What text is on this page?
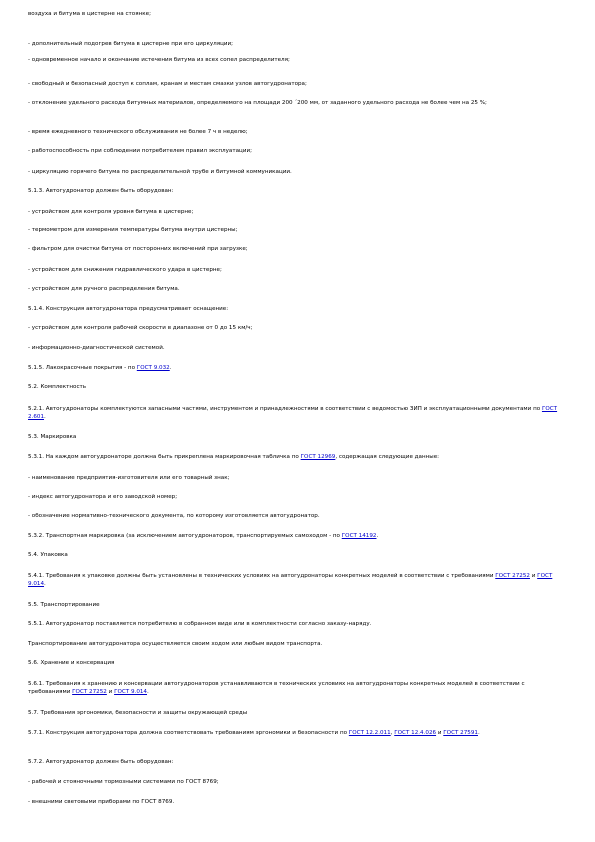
воздуха и битума в цистерне на стоянке;

- дополнительный подогрев битума в цистерне при его циркуляции;

- одновременное начало и окончание истечения битума из всех сопел распределителя;

- свободный и безопасный доступ к соплам, кранам и местам смазки узлов автогудронатора;

- отклонение удельного расхода битумных материалов, определяемого на площади 200 ´200 мм, от заданного удельного расхода не более чем на 25 %;

- время ежедневного технического обслуживания не более 7 ч в неделю;

- работоспособность при соблюдении потребителем правил эксплуатации;

- циркуляцию горячего битума по распределительной трубе и битумной коммуникации.

5.1.3. Автогудронатор должен быть оборудован:

- устройством для контроля уровня битума в цистерне;

- термометром для измерения температуры битума внутри цистерны;

- фильтром для очистки битума от посторонних включений при загрузке;

- устройством для снижения гидравлического удара в цистерне;

- устройством для ручного распределения битума.

5.1.4. Конструкция автогудронатора предусматривает оснащение:

- устройством для контроля рабочей скорости в диапазоне от 0 до 15 км/ч;

- информационно-диагностической системой.

5.1.5. Лакокрасочные покрытия - по ГОСТ 9.032.

5.2. Комплектность

5.2.1. Автогудронаторы комплектуются запасными частями, инструментом и принадлежностями в соответствии с ведомостью ЗИП и эксплуатационными документами по ГОСТ 2.601.

5.3. Маркировка

5.3.1. На каждом автогудронаторе должна быть прикреплена маркировочная табличка по ГОСТ 12969, содержащая следующие данные:

- наименование предприятия-изготовителя или его товарный знак;

- индекс автогудронатора и его заводской номер;

- обозначение нормативно-технического документа, по которому изготовляется автогудронатор.

5.3.2. Транспортная маркировка (за исключением автогудронаторов, транспортируемых самоходом - по ГОСТ 14192.

5.4. Упаковка

5.4.1. Требования к упаковке должны быть установлены в технических условиях на автогудронаторы конкретных моделей в соответствии с требованиями ГОСТ 27252 и ГОСТ 9.014.

5.5. Транспортирование

5.5.1. Автогудронатор поставляется потребителю в собранном виде или в комплектности согласно заказу-наряду.

Транспортирование автогудронатора осуществляется своим ходом или любым видом транспорта.

5.6. Хранение и консервация

5.6.1. Требования к хранению и консервации автогудронаторов устанавливаются в технических условиях на автогудронаторы конкретных моделей в соответствии с требованиями ГОСТ 27252 и ГОСТ 9.014.

5.7. Требования эргономики, безопасности и защиты окружающей среды

5.7.1. Конструкция автогудронатора должна соответствовать требованиям эргономики и безопасности по ГОСТ 12.2.011, ГОСТ 12.4.026 и ГОСТ 27591.

5.7.2. Автогудронатор должен быть оборудован:

- рабочей и стояночными тормозными системами по ГОСТ 8769;

- внешними световыми приборами по ГОСТ 8769.
